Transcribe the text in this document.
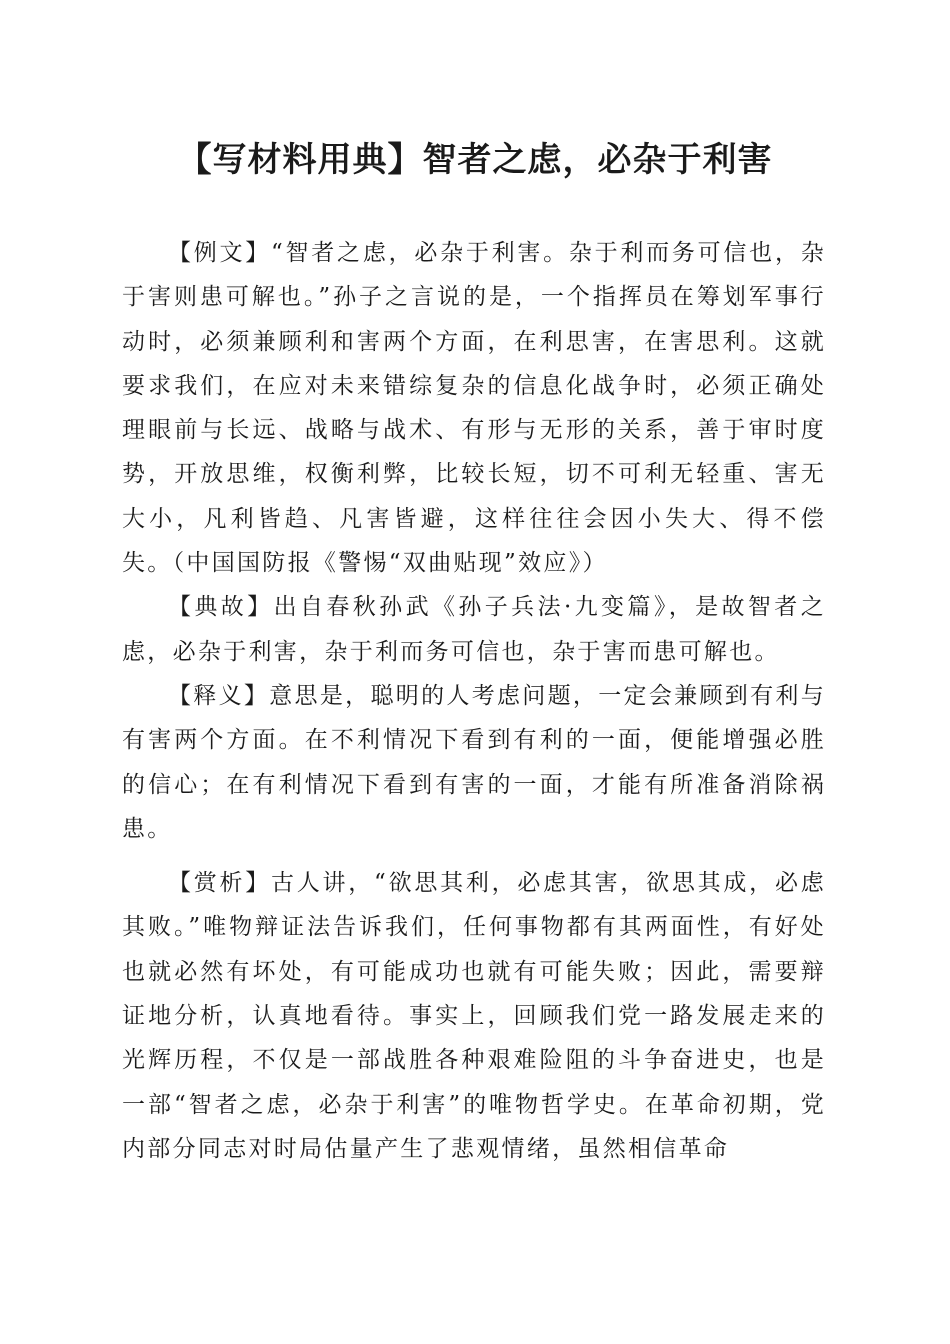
【写材料用典】智者之虑，必杂于利害

【例文】“智者之虑，必杂于利害。杂于利而务可信也，杂于害则患可解也。”孙子之言说的是，一个指挥员在筹划军事行动时，必须兼顾利和害两个方面，在利思害，在害思利。这就要求我们，在应对未来错综复杂的信息化战争时，必须正确处理眼前与长远、战略与战术、有形与无形的关系，善于审时度势，开放思维，权衡利弊，比较长短，切不可利无轻重、害无大小，凡利皆趋、凡害皆避，这样往往会因小失大、得不偿失。（中国国防报《警惕“双曲贴现”效应》）

【典故】出自春秋孙武《孙子兵法·九变篇》，是故智者之虑，必杂于利害，杂于利而务可信也，杂于害而患可解也。

【释义】意思是，聪明的人考虑问题，一定会兼顾到有利与有害两个方面。在不利情况下看到有利的一面，便能增强必胜的信心；在有利情况下看到有害的一面，才能有所准备消除祸患。

【赏析】古人讲，“欲思其利，必虑其害，欲思其成，必虑其败。”唯物辩证法告诉我们，任何事物都有其两面性，有好处也就必然有坏处，有可能成功也就有可能失败；因此，需要辩证地分析，认真地看待。事实上，回顾我们党一路发展走来的光辉历程，不仅是一部战胜各种艰难险阻的斗争奋进史，也是一部“智者之虑，必杂于利害”的唯物哲学史。在革命初期，党内部分同志对时局估量产生了悲观情绪，虽然相信革命
